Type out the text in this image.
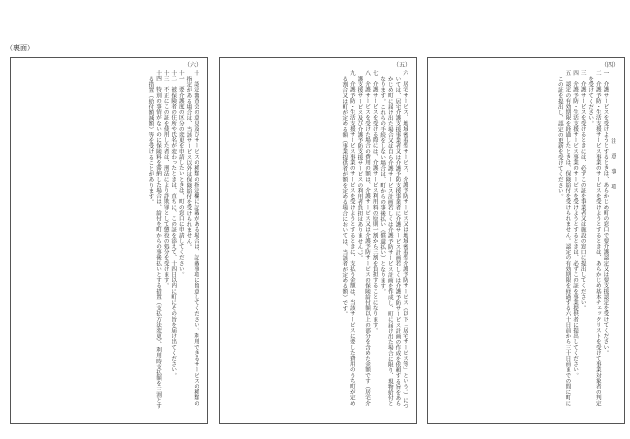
（裏面）
（六）

十　認定審査会の意見及びサービスの種類の指定欄に記載がある場合は、記載事項に留意してください。利用できるサービスの種類の指定がある場合は、当該サービス以外は保険給付を受けられません。

十一　要介護度の区分の変更を申請したいときは、町の窓口に申請してください。

十二　被保険者の住所や氏名が変わったときは、直ちに、この証を添えて、十四日以内に町にその旨を届け出てください。

十三　不正にこの証を使用した者は、刑法により詐欺罪として懲役の処分を受けます。

十四　特別の事情がないのに保険料を滞納した場合は、給付を町からの事後払いとする措置（支払方法変更）、利用時支払額を三割とする措置（給付額減額）等を受けることがあります。

（五）

六　居宅サービス、地域密着型サービス、介護予防サービス又は地域密着型介護予防サービス（以下「居宅サービス等」という。）については、居宅介護支援事業者又は介護予防支援事業者に介護サービス計画若しくは介護予防サービス計画の作成を依頼する旨をあらかじめ町に届け出た場合又は自ら介護サービス計画若しくは介護予防サービス計画を作成し、町に届け出た場合に限り、現物給付となります。これらの手続をしない場合は、町からの事後払い（償還払い）となります。

七　介護サービスを受ける際には、介護サービス利用料の原則一割から三割を負担することになります。

八　介護サービスを受けた場合の費用の額は、介護サービス又は介護予防サービスの保険給付額以上の部分を含めた金額です（居宅介護支援サービス及び介護予防支援サービスの利用者負担はありません。）。

九　介護予防・生活支援サービス事業のサービスを受けようとするときに、支払う金額は、当該サービスに要した費用のうち町が定める割合又は町が定める額（事業提供者が額を定める場合においては、当該者が定める額）です。

（四）

注　意　事　項

一　介護サービスを受けようとするときは、あらかじめ町の窓口で要介護認定又は要支援認定を受けてください。

二　介護予防・生活支援サービス事業のサービスを受けようとするときは、あらかじめ基本チェックリストを受けて事業対象者の判定を受けてください。

三　介護サービスを受けるときには、必ずこの証を事業者又は施設の窓口に提出してください。

四　介護予防・生活支援サービス事業のサービスを受けようとするときは、必ずこの証を事業提供者に提出してください。

五　認定の有効期限を経過したときは、保険給付を受けられません。認定の有効期限を経過する六十日前から三十日前までの間に町にこの証を提出し、認定の更新を受けてください。
